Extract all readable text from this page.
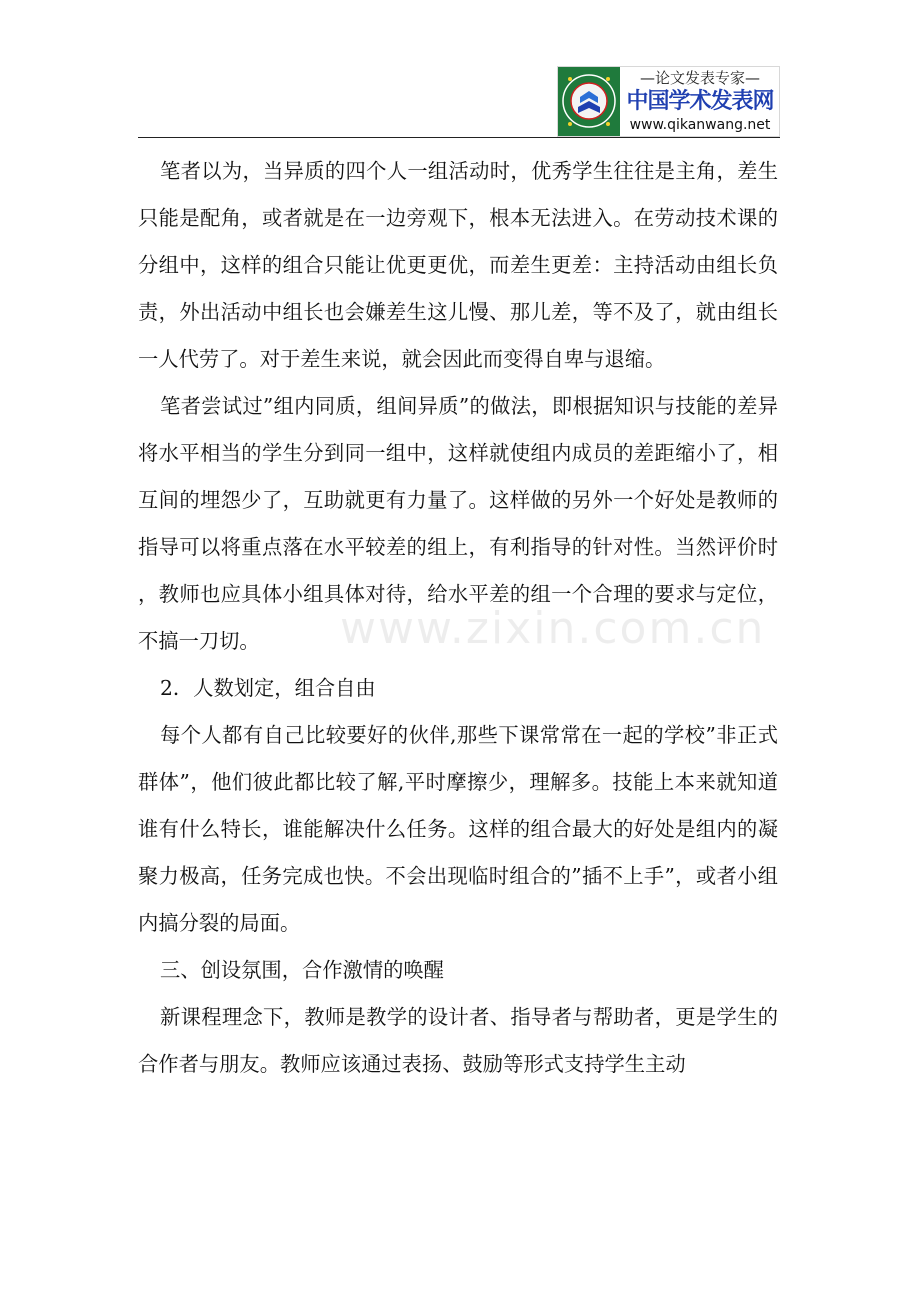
—论文发表专家—
中国学术发表网
www.qikanwang.net

笔者以为，当异质的四个人一组活动时，优秀学生往往是主角，差生只能是配角，或者就是在一边旁观下，根本无法进入。在劳动技术课的分组中，这样的组合只能让优更更优，而差生更差：主持活动由组长负责，外出活动中组长也会嫌差生这儿慢、那儿差，等不及了，就由组长一人代劳了。对于差生来说，就会因此而变得自卑与退缩。

笔者尝试过”组内同质，组间异质”的做法，即根据知识与技能的差异将水平相当的学生分到同一组中，这样就使组内成员的差距缩小了，相互间的埋怨少了，互助就更有力量了。这样做的另外一个好处是教师的指导可以将重点落在水平较差的组上，有利指导的针对性。当然评价时，教师也应具体小组具体对待，给水平差的组一个合理的要求与定位，不搞一刀切。

2．人数划定，组合自由

每个人都有自己比较要好的伙伴,那些下课常常在一起的学校”非正式群体”，他们彼此都比较了解,平时摩擦少，理解多。技能上本来就知道谁有什么特长，谁能解决什么任务。这样的组合最大的好处是组内的凝聚力极高，任务完成也快。不会出现临时组合的”插不上手”，或者小组内搞分裂的局面。

三、创设氛围，合作激情的唤醒

新课程理念下，教师是教学的设计者、指导者与帮助者，更是学生的合作者与朋友。教师应该通过表扬、鼓励等形式支持学生主动

www.zixin.com.cn
